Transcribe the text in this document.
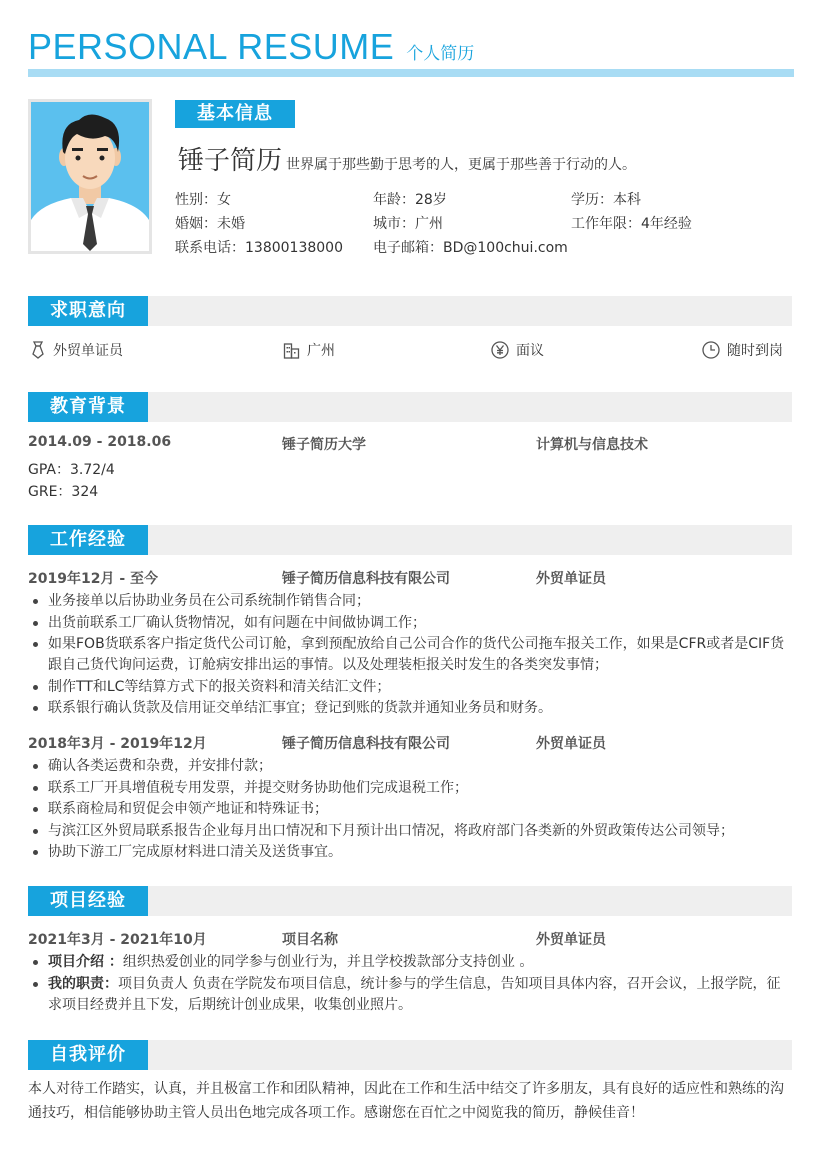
PERSONAL RESUME 个人简历
基本信息
锤子简历 世界属于那些勤于思考的人，更属于那些善于行动的人。
性别：女	年龄：28岁	学历：本科
婚姻：未婚	城市：广州	工作年限：4年经验
联系电话：13800138000	电子邮箱：BD@100chui.com
求职意向
外贸单证员	广州	面议	随时到岗
教育背景
2014.09 - 2018.06	锤子简历大学	计算机与信息技术
GPA：3.72/4
GRE：324
工作经验
2019年12月 - 至今	锤子简历信息科技有限公司	外贸单证员
业务接单以后协助业务员在公司系统制作销售合同；
出货前联系工厂确认货物情况，如有问题在中间做协调工作；
如果FOB货联系客户指定货代公司订舱，拿到预配放给自己公司合作的货代公司拖车报关工作，如果是CFR或者是CIF货跟自己货代询问运费，订舱病安排出运的事情。以及处理装柜报关时发生的各类突发事情；
制作TT和LC等结算方式下的报关资料和清关结汇文件；
联系银行确认货款及信用证交单结汇事宜；登记到账的货款并通知业务员和财务。
2018年3月 - 2019年12月	锤子简历信息科技有限公司	外贸单证员
确认各类运费和杂费，并安排付款；
联系工厂开具增值税专用发票，并提交财务协助他们完成退税工作；
联系商检局和贸促会申领产地证和特殊证书；
与滨江区外贸局联系报告企业每月出口情况和下月预计出口情况，将政府部门各类新的外贸政策传达公司领导；
协助下游工厂完成原材料进口清关及送货事宜。
项目经验
2021年3月 - 2021年10月	项目名称	外贸单证员
项目介绍 ：组织热爱创业的同学参与创业行为，并且学校拨款部分支持创业 。
我的职责：项目负责人 负责在学院发布项目信息，统计参与的学生信息，告知项目具体内容，召开会议，上报学院，征求项目经费并且下发，后期统计创业成果，收集创业照片。
自我评价
本人对待工作踏实，认真，并且极富工作和团队精神，因此在工作和生活中结交了许多朋友，具有良好的适应性和熟练的沟通技巧，相信能够协助主管人员出色地完成各项工作。感谢您在百忙之中阅览我的简历，静候佳音！
